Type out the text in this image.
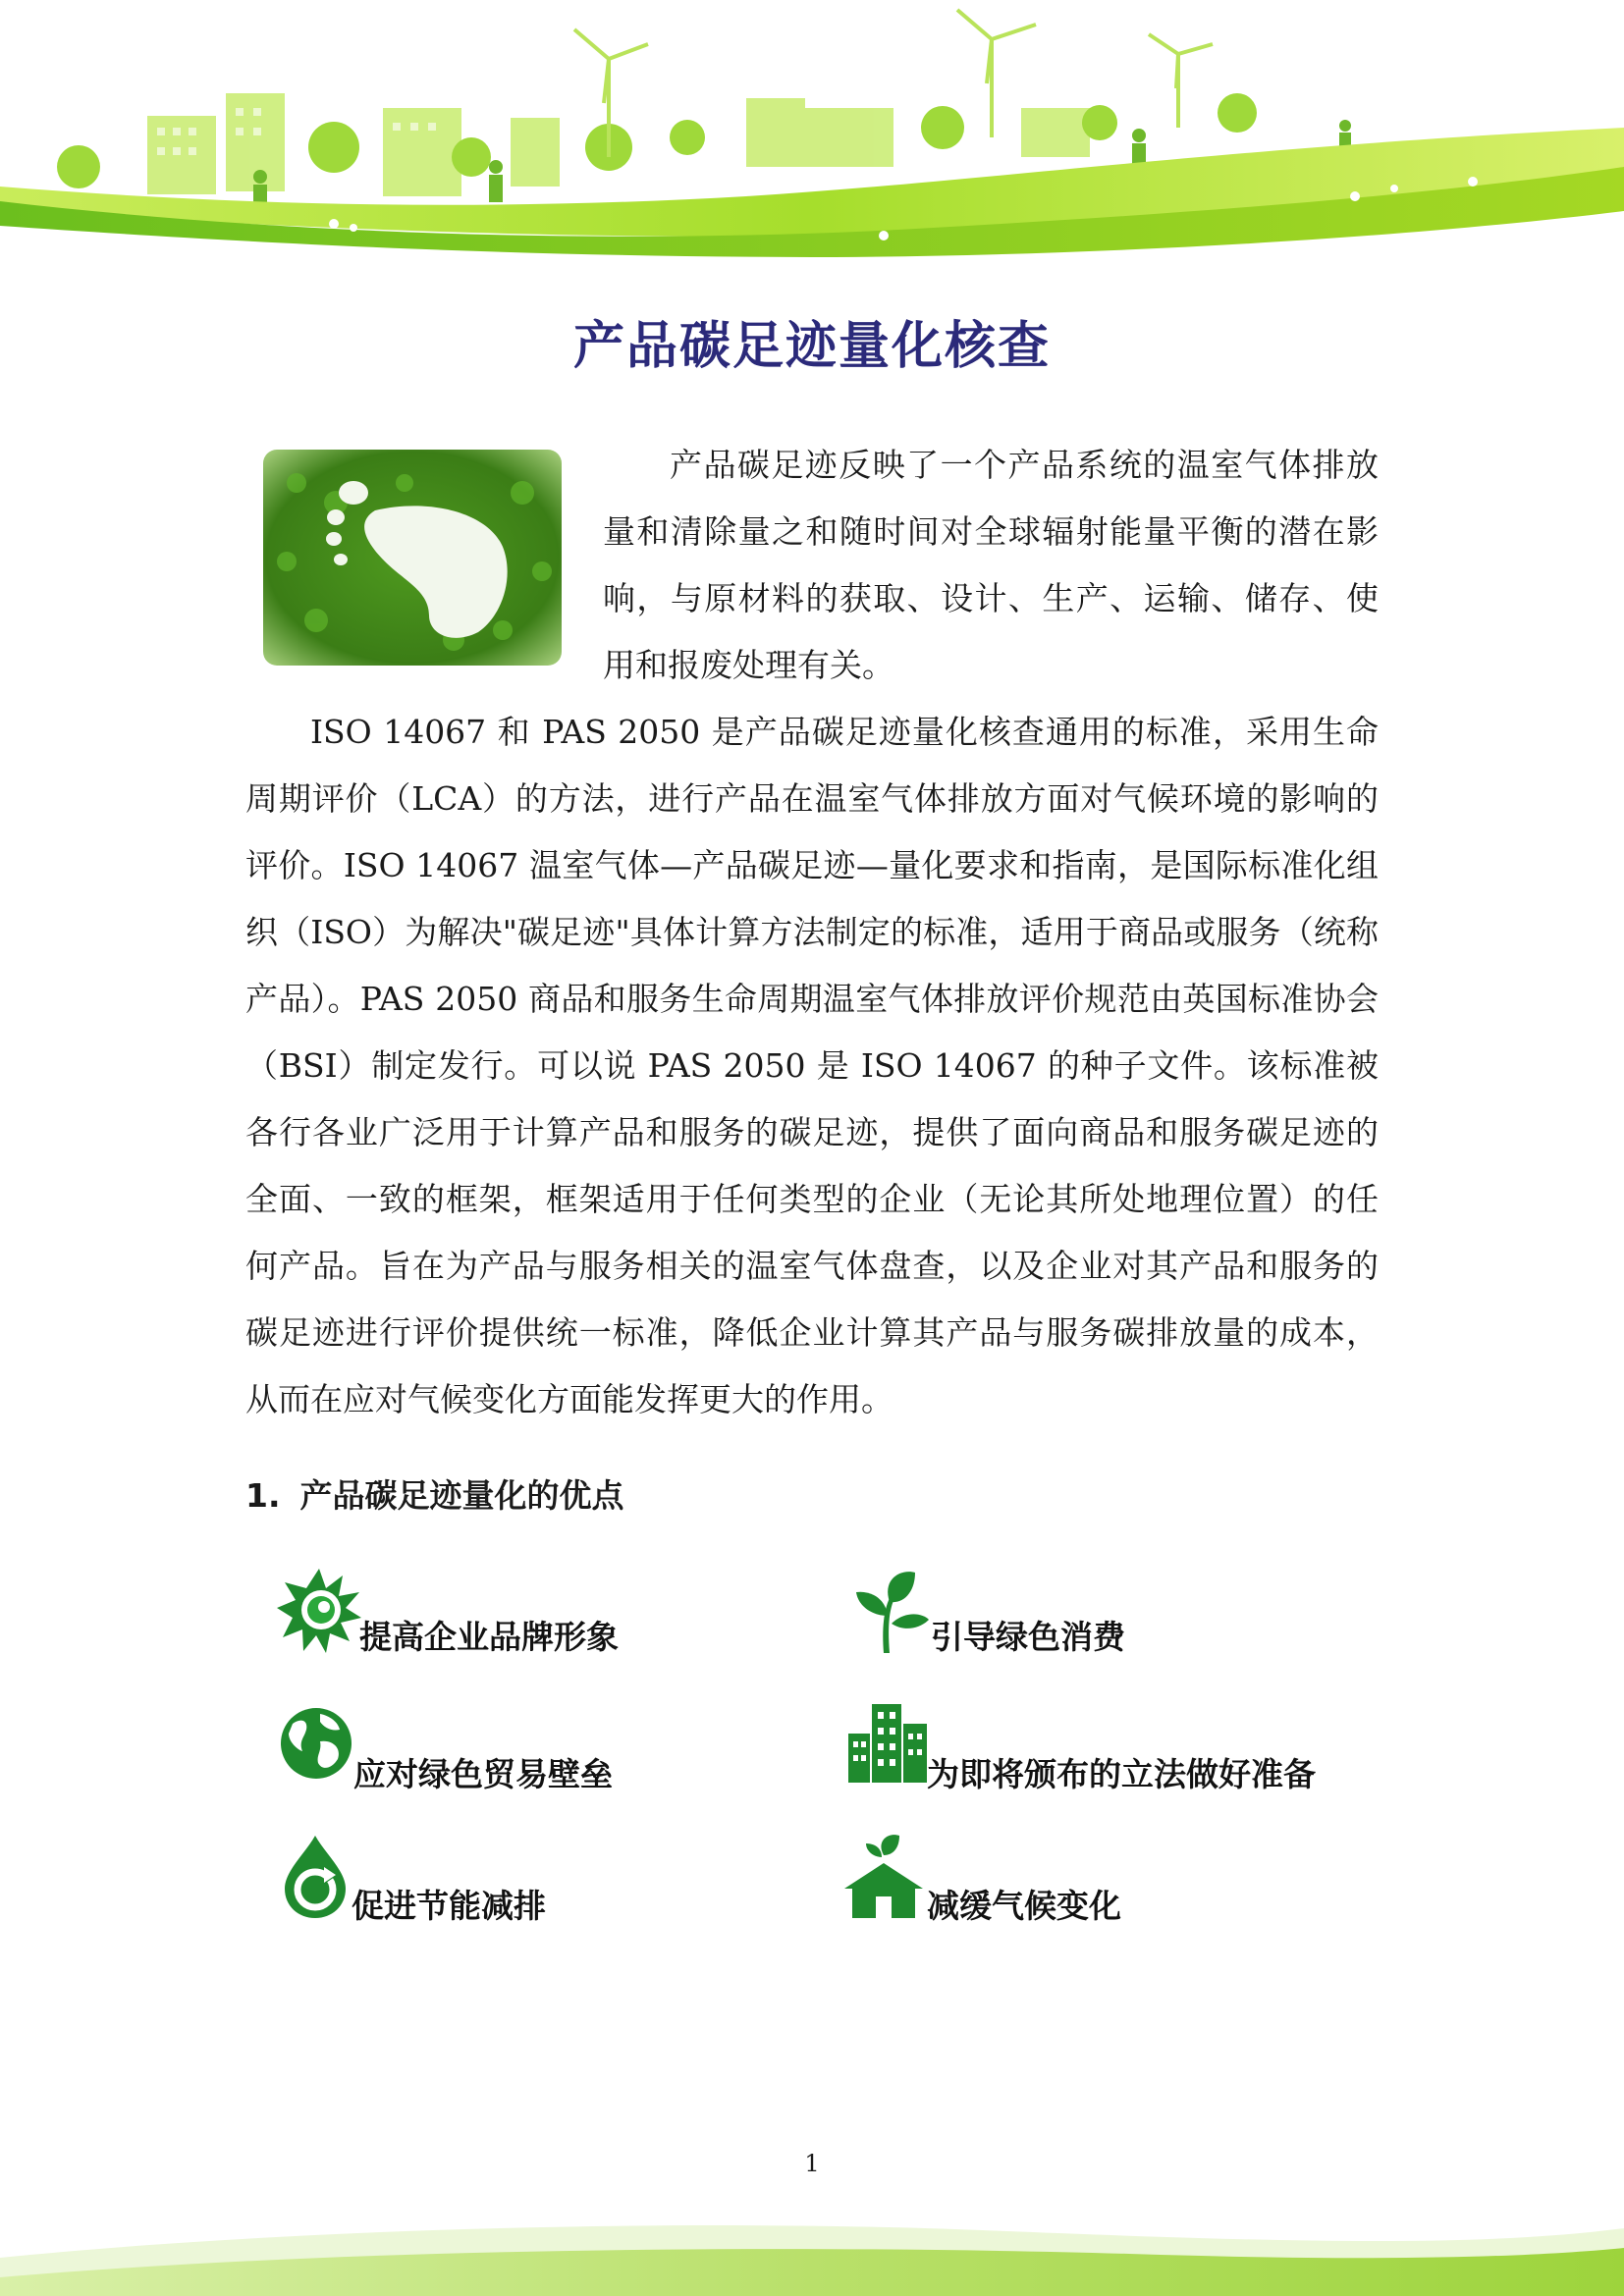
产品碳足迹量化核查
产品碳足迹反映了一个产品系统的温室气体排放量和清除量之和随时间对全球辐射能量平衡的潜在影响，与原材料的获取、设计、生产、运输、储存、使用和报废处理有关。
ISO 14067 和 PAS 2050 是产品碳足迹量化核查通用的标准，采用生命周期评价（LCA）的方法，进行产品在温室气体排放方面对气候环境的影响的评价。ISO 14067 温室气体—产品碳足迹—量化要求和指南，是国际标准化组织（ISO）为解决"碳足迹"具体计算方法制定的标准，适用于商品或服务（统称产品）。PAS 2050 商品和服务生命周期温室气体排放评价规范由英国标准协会（BSI）制定发行。可以说 PAS 2050 是 ISO 14067 的种子文件。该标准被各行各业广泛用于计算产品和服务的碳足迹，提供了面向商品和服务碳足迹的全面、一致的框架，框架适用于任何类型的企业（无论其所处地理位置）的任何产品。旨在为产品与服务相关的温室气体盘查，以及企业对其产品和服务的碳足迹进行评价提供统一标准，降低企业计算其产品与服务碳排放量的成本，从而在应对气候变化方面能发挥更大的作用。
1. 产品碳足迹量化的优点
提高企业品牌形象	引导绿色消费
应对绿色贸易壁垒	为即将颁布的立法做好准备
促进节能减排	减缓气候变化
1
